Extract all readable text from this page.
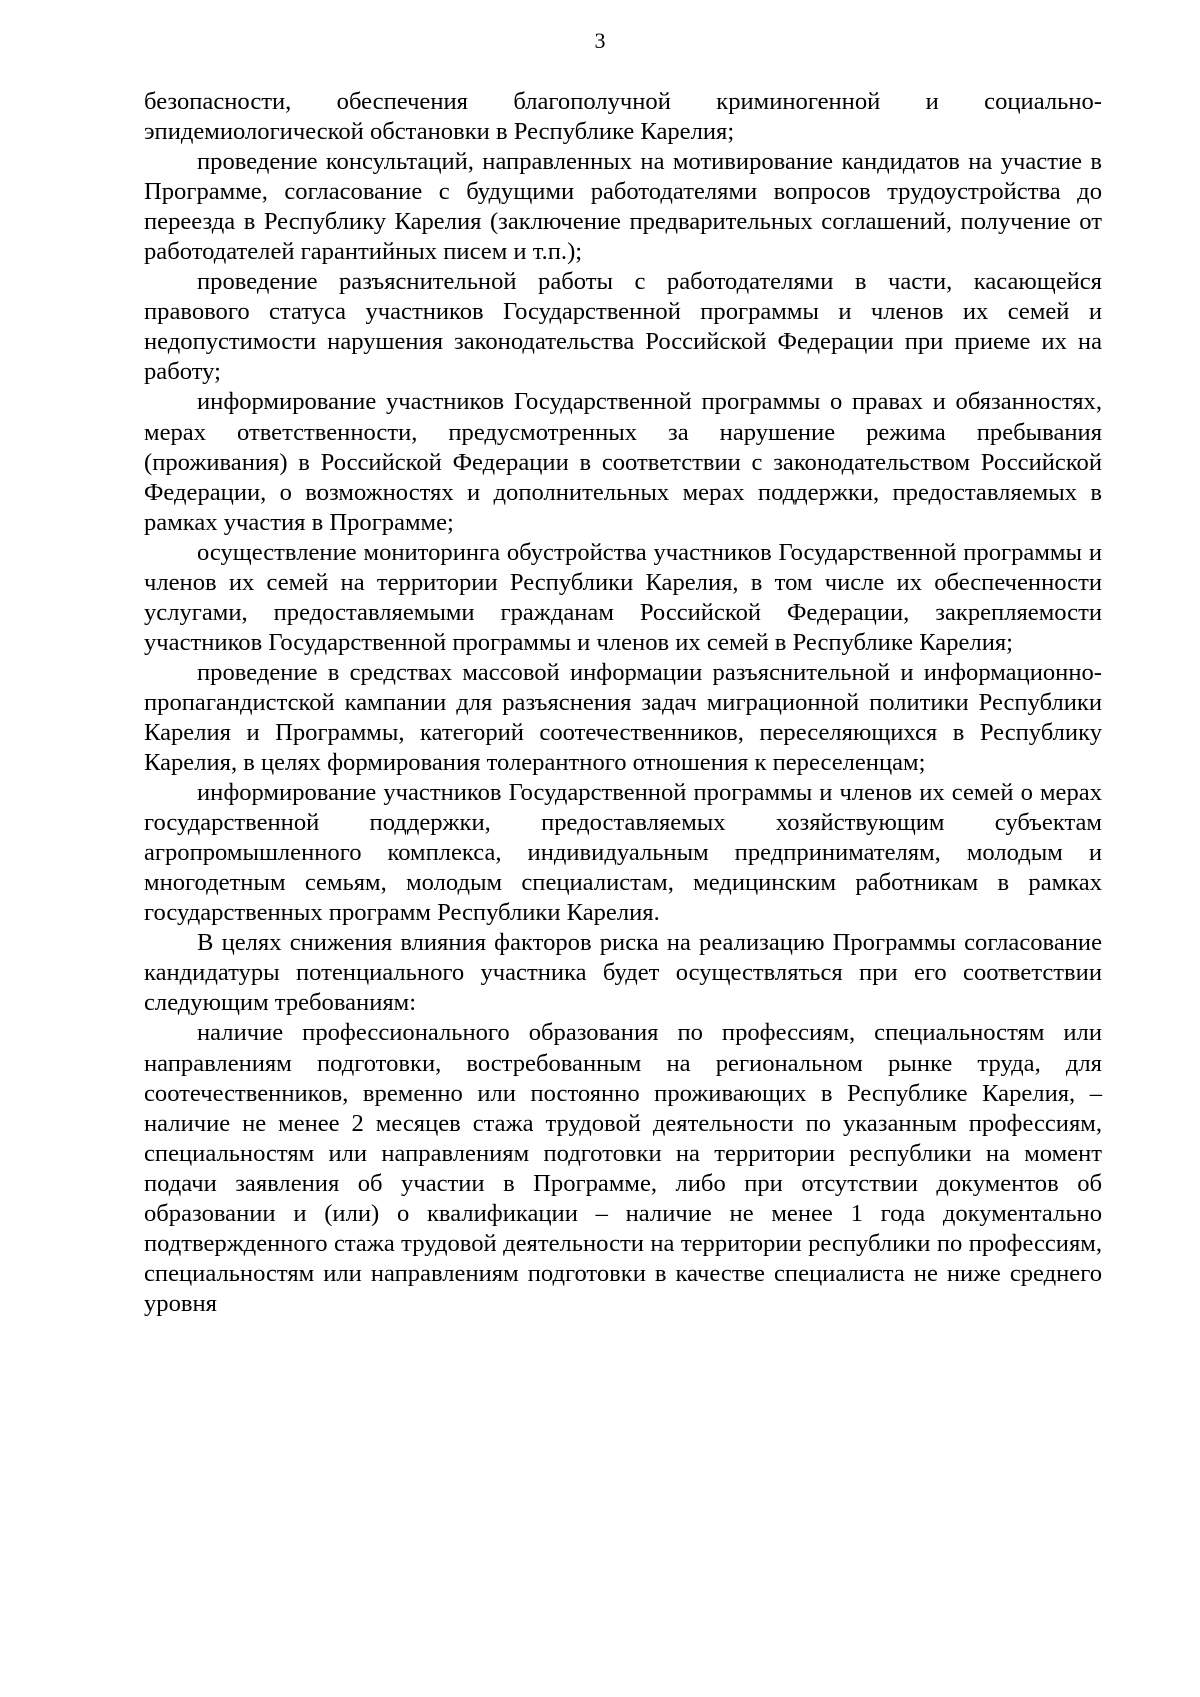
3

безопасности, обеспечения благополучной криминогенной и социально-эпидемиологической обстановки в Республике Карелия;

проведение консультаций, направленных на мотивирование кандидатов на участие в Программе, согласование с будущими работодателями вопросов трудоустройства до переезда в Республику Карелия (заключение предварительных соглашений, получение от работодателей гарантийных писем и т.п.);

проведение разъяснительной работы с работодателями в части, касающейся правового статуса участников Государственной программы и членов их семей и недопустимости нарушения законодательства Российской Федерации при приеме их на работу;

информирование участников Государственной программы о правах и обязанностях, мерах ответственности, предусмотренных за нарушение режима пребывания (проживания) в Российской Федерации в соответствии с законодательством Российской Федерации, о возможностях и дополнительных мерах поддержки, предоставляемых в рамках участия в Программе;

осуществление мониторинга обустройства участников Государственной программы и членов их семей на территории Республики Карелия, в том числе их обеспеченности услугами, предоставляемыми гражданам Российской Федерации, закрепляемости участников Государственной программы и членов их семей в Республике Карелия;

проведение в средствах массовой информации разъяснительной и информационно-пропагандистской кампании для разъяснения задач миграционной политики Республики Карелия и Программы, категорий соотечественников, переселяющихся в Республику Карелия, в целях формирования толерантного отношения к переселенцам;

информирование участников Государственной программы и членов их семей о мерах государственной поддержки, предоставляемых хозяйствующим субъектам агропромышленного комплекса, индивидуальным предпринимателям, молодым и многодетным семьям, молодым специалистам, медицинским работникам в рамках государственных программ Республики Карелия.

В целях снижения влияния факторов риска на реализацию Программы согласование кандидатуры потенциального участника будет осуществляться при его соответствии следующим требованиям:

наличие профессионального образования по профессиям, специальностям или направлениям подготовки, востребованным на региональном рынке труда, для соотечественников, временно или постоянно проживающих в Республике Карелия, – наличие не менее 2 месяцев стажа трудовой деятельности по указанным профессиям, специальностям или направлениям подготовки на территории республики на момент подачи заявления об участии в Программе, либо при отсутствии документов об образовании и (или) о квалификации – наличие не менее 1 года документально подтвержденного стажа трудовой деятельности на территории республики по профессиям, специальностям или направлениям подготовки в качестве специалиста не ниже среднего уровня
